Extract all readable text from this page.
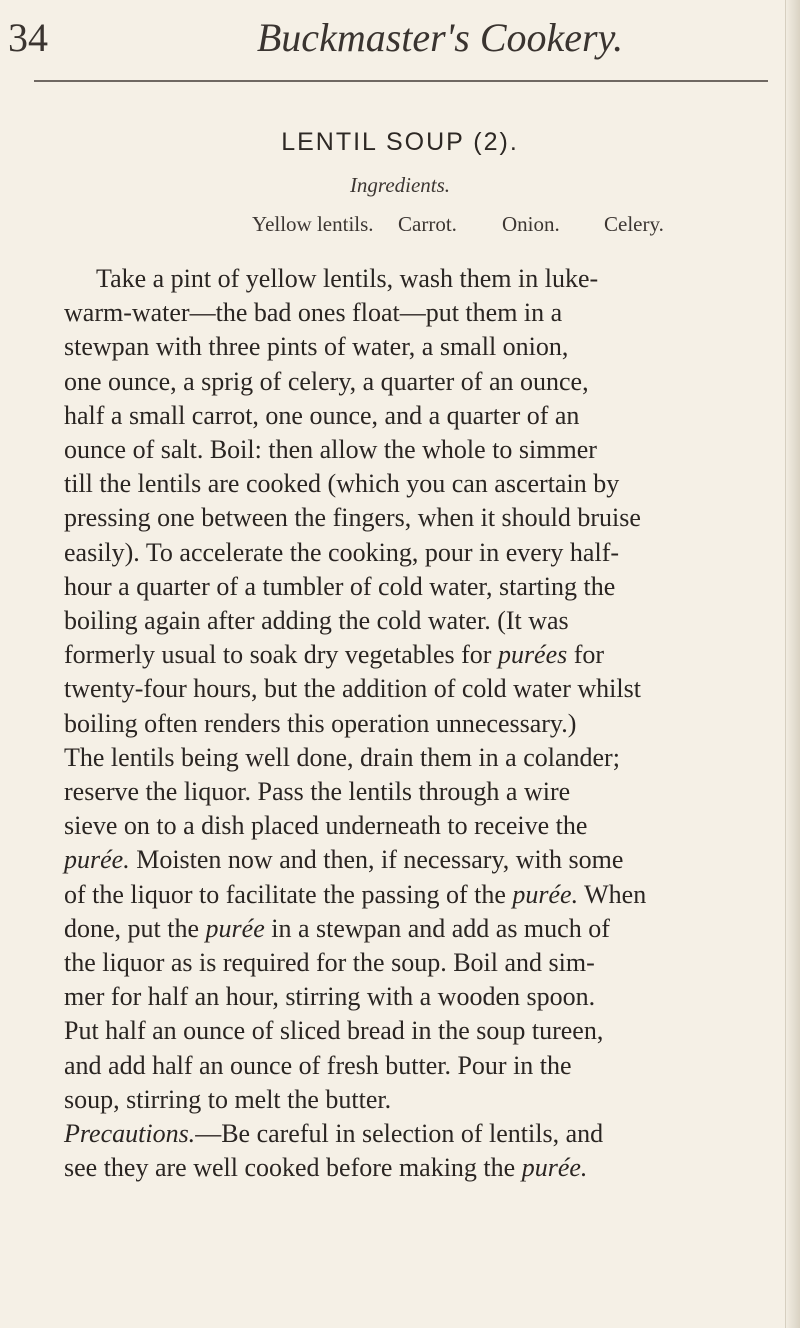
34	Buckmaster's Cookery.
LENTIL SOUP (2).
Ingredients.
Yellow lentils. Carrot. Onion. Celery.
Take a pint of yellow lentils, wash them in luke-
warm-water—the bad ones float—put them in a
stewpan with three pints of water, a small onion,
one ounce, a sprig of celery, a quarter of an ounce,
half a small carrot, one ounce, and a quarter of an
ounce of salt. Boil: then allow the whole to simmer
till the lentils are cooked (which you can ascertain by
pressing one between the fingers, when it should bruise
easily). To accelerate the cooking, pour in every half-
hour a quarter of a tumbler of cold water, starting the
boiling again after adding the cold water. (It was
formerly usual to soak dry vegetables for purées for
twenty-four hours, but the addition of cold water whilst
boiling often renders this operation unnecessary.)
The lentils being well done, drain them in a colander;
reserve the liquor. Pass the lentils through a wire
sieve on to a dish placed underneath to receive the
purée. Moisten now and then, if necessary, with some
of the liquor to facilitate the passing of the purée. When
done, put the purée in a stewpan and add as much of
the liquor as is required for the soup. Boil and sim-
mer for half an hour, stirring with a wooden spoon.
Put half an ounce of sliced bread in the soup tureen,
and add half an ounce of fresh butter. Pour in the
soup, stirring to melt the butter.
Precautions.—Be careful in selection of lentils, and
see they are well cooked before making the purée.
